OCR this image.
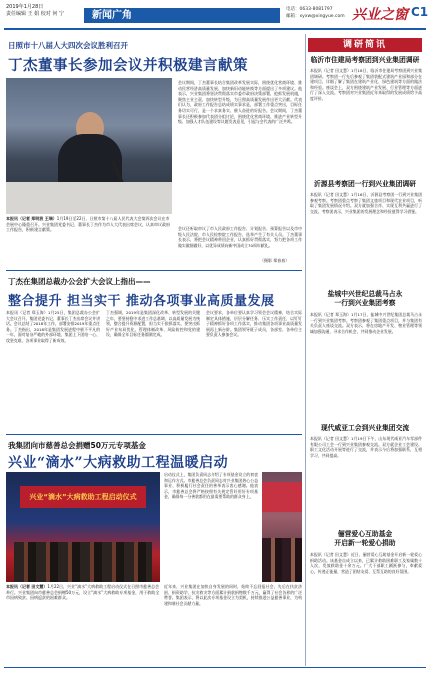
2019年1月28日
责任编辑 王 娟 校对 何 宁	新闻广角
电话：0633-8081797
邮箱：xyxw@xingyue.com 兴业之窗 C1
日照市十八届人大四次会议胜利召开
丁杰董事长参加会议并积极建言献策
本报讯（记者 郑明波 王瑞）1月19日至22日，日照市第十八届人民代表大会第四次会议在市会展中心隆重召开。兴业集团党委书记、董事长丁杰作为市人大代表出席会议，认真审议政府工作报告，积极建言献策。
会议期间，丁杰董事长结合集团改革发展实际，围绕优化营商环境、推动民营经济高质量发展、加快新旧动能转换等方面提出了多项建议。他表示，兴业集团将坚决贯彻落实市委市政府决策部署，抢抓发展机遇，聚焦主业主责，加快转型升级，为日照高质量发展作出更大贡献。代表们认为，政府工作报告总结成绩实事求是，部署工作重点突出，目标任务切实可行，是一个求真务实、催人奋进的好报告。会议期间，丁杰董事长还积极参加代表团分组讨论，围绕优化营商环境、推进产业转型升级、加强人才队伍建设等议题发表意见，引起与会代表的广泛共鸣。
会议还听取审议了市人民政府工作报告、计划报告、预算报告以及市中级人民法院、市人民检察院工作报告，选举产生了有关人员。丁杰董事长表示，将把会议精神带回企业，认真抓好贯彻落实，努力把各项工作做实做细做好，以优异成绩向新中国成立70周年献礼。
（摄影 郑春春）
丁杰在集团总裁办公会扩大会议上指出——
整合提升 担当实干 推动各项事业高质量发展
本报讯（记者 郑玉海）1月25日，集团总裁办公会扩大会议召开。集团党委书记、董事长丁杰出席会议并讲话。会议总结了2018年工作，部署安排2019年重点任务。丁杰指出，2018年是集团发展进程中极不平凡的一年，面对复杂严峻的外部环境，集团上下团结一心、攻坚克难，各项事业取得了新成效。
丁杰强调，2019年是集团深化改革、转型发展的关键之年，要坚持稳中求进工作总基调，以高质量发展为统领，整合提升资源配置，担当实干狠抓落实。要突出抓好产业布局优化、管理体制改革、风险防控和党的建设，确保全年目标任务圆满完成。
会议要求，各单位要认真学习领会会议精神，结合实际制定具体措施，层层分解任务、压实工作责任，以钉钉子精神抓好各项工作落实，推动集团各项事业高质量发展再上新台阶。集团领导班子成员，各部室、各单位主要负责人参加会议。
我集团向市慈善总会捐赠50万元专项基金
兴业“滴水”大病救助工程温暖启动
兴业“滴水”大病救助工程启动仪式
本报讯（记者 田文慧）1月22日，兴业“滴水”大病救助工程启动仪式在日照市慈善总会举行。兴业集团向市慈善总会捐赠50万元，设立“滴水”大病救助专项基金，用于救助全市因病致贫、因病返贫的困难群众。
启动仪式上，集团负责同志介绍了专项基金设立的初衷和运作方式。市慈善总会负责同志对兴业集团热心公益事业、积极履行社会责任的善举表示衷心感谢。他表示，市慈善总会将严格按照有关规定管好用好专项基金，确保每一分善款都用在最需要帮助的群众身上。
近年来，兴业集团在加快自身发展的同时，始终不忘回报社会，先后在扶贫济困、捐资助学、抗灾救灾等方面累计捐款捐物数千万元，赢得了社会各界的广泛赞誉。集团表示，将以此次专项基金设立为契机，持续推进公益慈善事业，为构建和谐社会贡献力量。
调研简讯
临沂市住建局考察团到兴业集团调研
本报讯（记者 田文慧）1月18日，临沂市住建局考察团到兴业集团调研。考察团一行先后参观了集团装配式建筑产业园和部分在建项目，详细了解了集团在建筑产业化、绿色建筑等方面的做法和经验。座谈会上，双方围绕建筑产业发展、行业管理等方面进行了深入交流。考察团对兴业集团近年来取得的发展成绩给予高度评价。
沂源县考察团一行到兴业集团调研
本报讯（记者 田文慧）1月16日，沂源县考察团一行到兴业集团参观考察。考察团重点考察了集团文旅项目和现代农业项目，听取了集团发展情况介绍。双方就加强合作、实现互利共赢进行了交流。考察团表示，兴业集团的发展理念和经验值得学习借鉴。
盐城中兴世纪总裁马占永
一行到兴业集团考察
本报讯（记者 郑玉海）1月17日，盐城中兴世纪集团总裁马占永一行到兴业集团考察。考察团参观了集团重点项目，并与集团有关负责人座谈交流。双方表示，将在房地产开发、物业管理等领域加强沟通，寻求合作机会，共同推动企业发展。
现代威亚工会到兴业集团交流
本报讯（记者 田文慧）1月19日下午，山东现代威亚汽车零部件有限公司工会一行到兴业集团参观交流。双方就企业工会建设、职工文化活动开展等进行了交流，并表示今后将加强联系，互相学习，共同提高。
俪营爱心互助基金
开启新一轮爱心捐助
本报讯（记者 田文慧）近日，俪营爱心互助基金开启新一轮爱心捐助活动。该基金自成立以来，已累计救助困难职工及家属数十人次，发放救助金十余万元。广大干部职工踊跃参与，奉献爱心，传递正能量，营造了团结友爱、互帮互助的良好氛围。
